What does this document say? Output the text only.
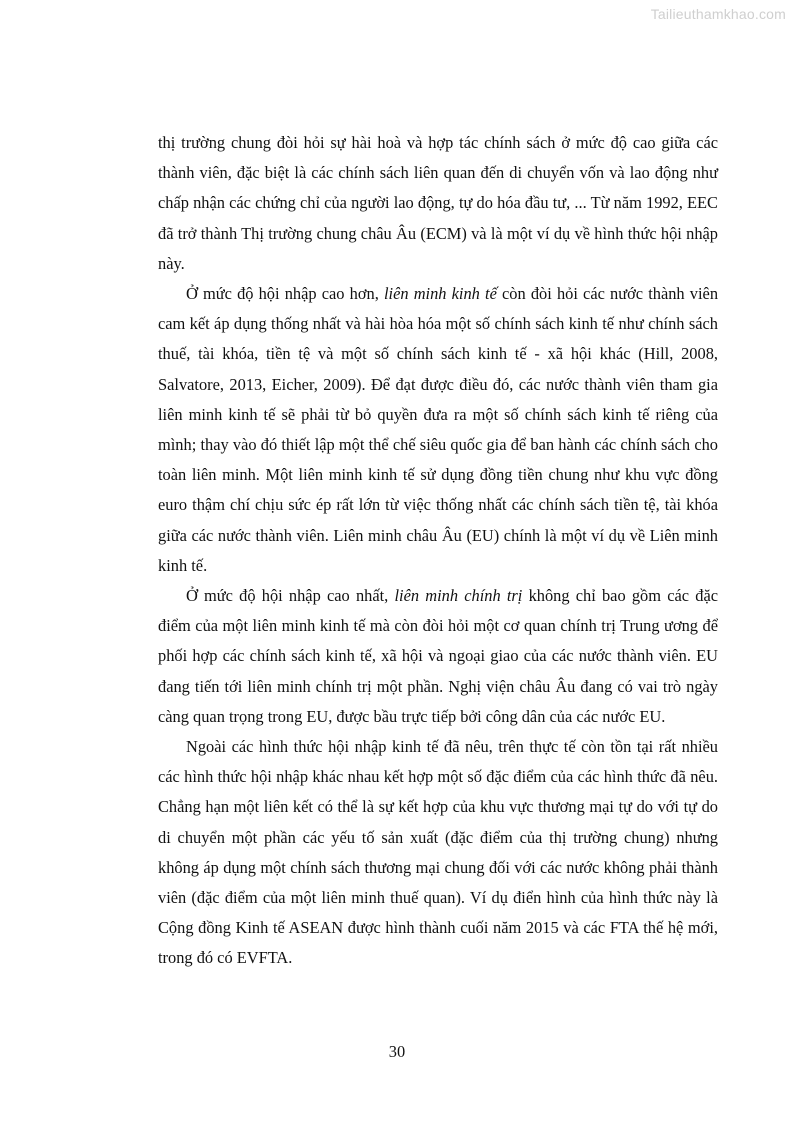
Tailieuthamkhao.com

thị trường chung đòi hỏi sự hài hoà và hợp tác chính sách ở mức độ cao giữa các thành viên, đặc biệt là các chính sách liên quan đến di chuyển vốn và lao động như chấp nhận các chứng chỉ của người lao động, tự do hóa đầu tư, ... Từ năm 1992, EEC đã trở thành Thị trường chung châu Âu (ECM) và là một ví dụ về hình thức hội nhập này.

Ở mức độ hội nhập cao hơn, liên minh kinh tế còn đòi hỏi các nước thành viên cam kết áp dụng thống nhất và hài hòa hóa một số chính sách kinh tế như chính sách thuế, tài khóa, tiền tệ và một số chính sách kinh tế - xã hội khác (Hill, 2008, Salvatore, 2013, Eicher, 2009). Để đạt được điều đó, các nước thành viên tham gia liên minh kinh tế sẽ phải từ bỏ quyền đưa ra một số chính sách kinh tế riêng của mình; thay vào đó thiết lập một thể chế siêu quốc gia để ban hành các chính sách cho toàn liên minh. Một liên minh kinh tế sử dụng đồng tiền chung như khu vực đồng euro thậm chí chịu sức ép rất lớn từ việc thống nhất các chính sách tiền tệ, tài khóa giữa các nước thành viên. Liên minh châu Âu (EU) chính là một ví dụ về Liên minh kinh tế.

Ở mức độ hội nhập cao nhất, liên minh chính trị không chỉ bao gồm các đặc điểm của một liên minh kinh tế mà còn đòi hỏi một cơ quan chính trị Trung ương để phối hợp các chính sách kinh tế, xã hội và ngoại giao của các nước thành viên. EU đang tiến tới liên minh chính trị một phần. Nghị viện châu Âu đang có vai trò ngày càng quan trọng trong EU, được bầu trực tiếp bởi công dân của các nước EU.

Ngoài các hình thức hội nhập kinh tế đã nêu, trên thực tế còn tồn tại rất nhiều các hình thức hội nhập khác nhau kết hợp một số đặc điểm của các hình thức đã nêu. Chẳng hạn một liên kết có thể là sự kết hợp của khu vực thương mại tự do với tự do di chuyển một phần các yếu tố sản xuất (đặc điểm của thị trường chung) nhưng không áp dụng một chính sách thương mại chung đối với các nước không phải thành viên (đặc điểm của một liên minh thuế quan). Ví dụ điển hình của hình thức này là Cộng đồng Kinh tế ASEAN được hình thành cuối năm 2015 và các FTA thế hệ mới, trong đó có EVFTA.

30
